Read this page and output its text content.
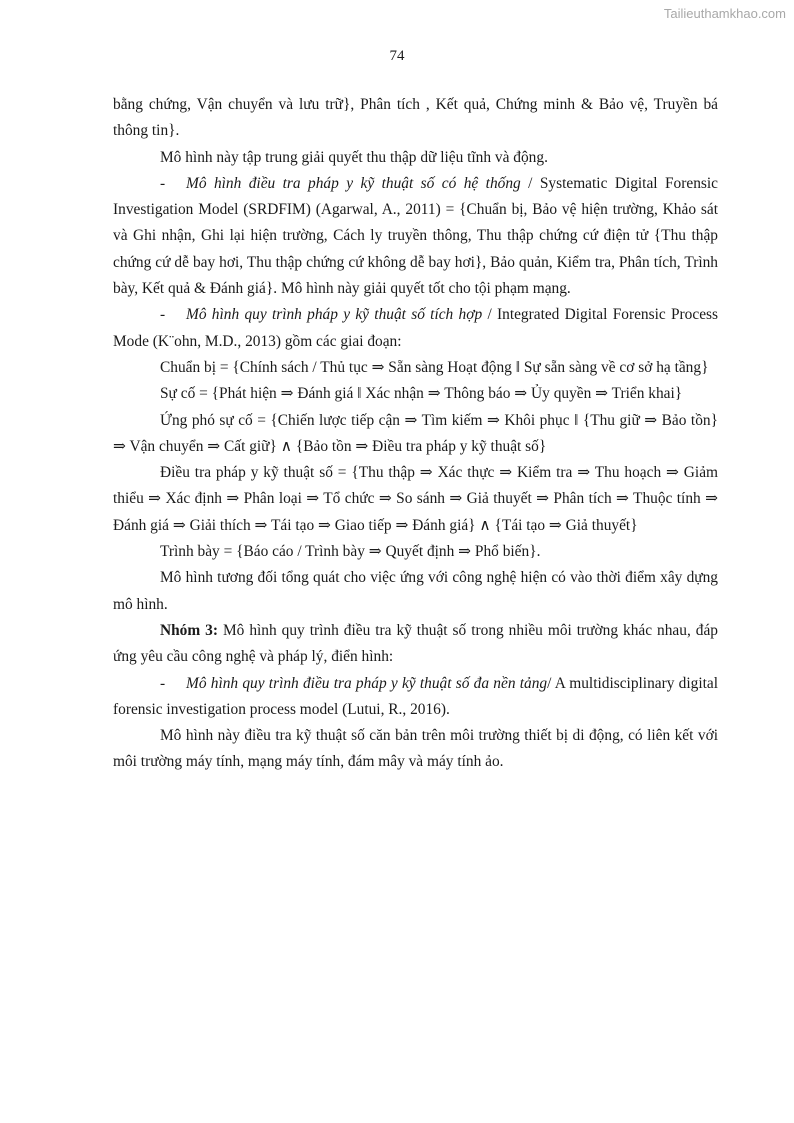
Tailieuthamkhao.com
74

bằng chứng, Vận chuyển và lưu trữ}, Phân tích , Kết quả, Chứng minh & Bảo vệ, Truyền bá thông tin}.

Mô hình này tập trung giải quyết thu thập dữ liệu tĩnh và động.

- Mô hình điều tra pháp y kỹ thuật số có hệ thống / Systematic Digital Forensic Investigation Model (SRDFIM) (Agarwal, A., 2011) = {Chuẩn bị, Bảo vệ hiện trường, Khảo sát và Ghi nhận, Ghi lại hiện trường, Cách ly truyền thông, Thu thập chứng cứ điện tử {Thu thập chứng cứ dễ bay hơi, Thu thập chứng cứ không dễ bay hơi}, Bảo quản, Kiểm tra, Phân tích, Trình bày, Kết quả & Đánh giá}. Mô hình này giải quyết tốt cho tội phạm mạng.

- Mô hình quy trình pháp y kỹ thuật số tích hợp / Integrated Digital Forensic Process Mode (K¨ohn, M.D., 2013) gồm các giai đoạn:

Chuẩn bị = {Chính sách / Thủ tục ⇒ Sẵn sàng Hoạt động ‖ Sự sẵn sàng về cơ sở hạ tầng}

Sự cố = {Phát hiện ⇒ Đánh giá ‖ Xác nhận ⇒ Thông báo ⇒ Ủy quyền ⇒ Triển khai}

Ứng phó sự cố = {Chiến lược tiếp cận ⇒ Tìm kiếm ⇒ Khôi phục ‖ {Thu giữ ⇒ Bảo tồn} ⇒ Vận chuyển ⇒ Cất giữ} ∧ {Bảo tồn ⇒ Điều tra pháp y kỹ thuật số}

Điều tra pháp y kỹ thuật số = {Thu thập ⇒ Xác thực ⇒ Kiểm tra ⇒ Thu hoạch ⇒ Giảm thiểu ⇒ Xác định ⇒ Phân loại ⇒ Tổ chức ⇒ So sánh ⇒ Giả thuyết ⇒ Phân tích ⇒ Thuộc tính ⇒ Đánh giá ⇒ Giải thích ⇒ Tái tạo ⇒ Giao tiếp ⇒ Đánh giá} ∧ {Tái tạo ⇒ Giả thuyết}

Trình bày = {Báo cáo / Trình bày ⇒ Quyết định ⇒ Phổ biến}.

Mô hình tương đối tổng quát cho việc ứng với công nghệ hiện có vào thời điểm xây dựng mô hình.

Nhóm 3: Mô hình quy trình điều tra kỹ thuật số trong nhiều môi trường khác nhau, đáp ứng yêu cầu công nghệ và pháp lý, điển hình:

- Mô hình quy trình điều tra pháp y kỹ thuật số đa nền tảng/ A multidisciplinary digital forensic investigation process model (Lutui, R., 2016).

Mô hình này điều tra kỹ thuật số căn bản trên môi trường thiết bị di động, có liên kết với môi trường máy tính, mạng máy tính, đám mây và máy tính ảo.
